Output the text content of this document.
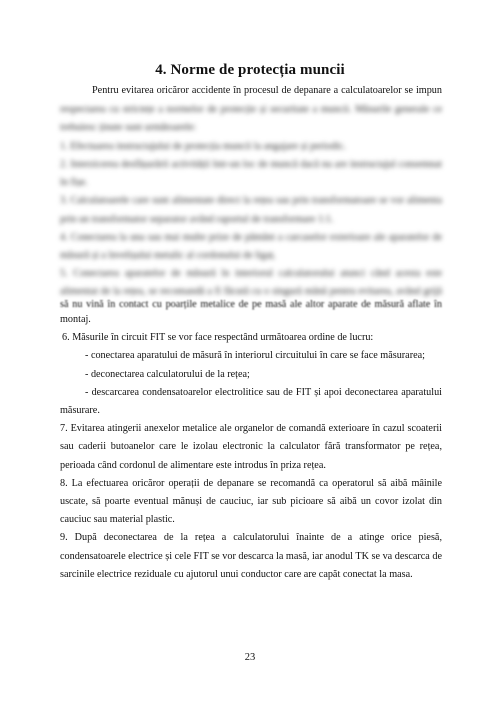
4. Norme de protecția muncii
Pentru evitarea oricăror accidente în procesul de depanare a calculatoarelor se impun
respectarea cu strictețe a normelor de protecție și securitate a muncii. Măsurile generale ce
trebuiesc ținute sunt următoarele:
1. Efectuarea instructajului de protecția muncii la angajare și periodic.
2. Interzicerea desfășurării activității într-un loc de muncă dacă nu are instructajul consemnat
în fișe.
3. Calculatoarele care sunt alimentate direct la rețea sau prin transformatoare se vor alimenta
prin un transformator separator având raportul de transformare 1:1.
4. Conectarea la una sau mai multe prize de pământ a carcaselor exterioare ale aparatelor de
măsură și a învelișului metalic al cordonului de ligaț.
5. Conectarea aparatelor de măsură în interiorul calculatorului atunci când acesta este
alimentat de la rețea, se recomandă a fi făcută cu o singură mână pentru evitarea, având grijă
să nu vină în contact cu poarțile metalice de pe masă ale altor aparate de măsură aflate în
montaj.
6. Măsurile în circuit FIT se vor face respectând următoarea ordine de lucru:
- conectarea aparatului de măsură în interiorul circuitului în care se face măsurarea;
- deconectarea calculatorului de la rețea;
- descarcarea condensatoarelor electrolitice sau de FIT și apoi deconectarea aparatului
măsurare.
7. Evitarea atingerii anexelor metalice ale organelor de comandă exterioare în cazul scoaterii
sau caderii butoanelor care le izolau electronic la calculator fără transformator pe rețea,
perioada când cordonul de alimentare este introdus în priza rețea.
8. La efectuarea oricăror operații de depanare se recomandă ca operatorul să aibă mâinile
uscate, să poarte eventual mănuși de cauciuc, iar sub picioare să aibă un covor izolat din
cauciuc sau material plastic.
9. După deconectarea de la rețea a calculatorului înainte de a atinge orice piesă,
condensatoarele electrice și cele FIT se vor descarca la masă, iar anodul TK se va descarca de
sarcinile electrice reziduale cu ajutorul unui conductor care are capăt conectat la masa.
23
